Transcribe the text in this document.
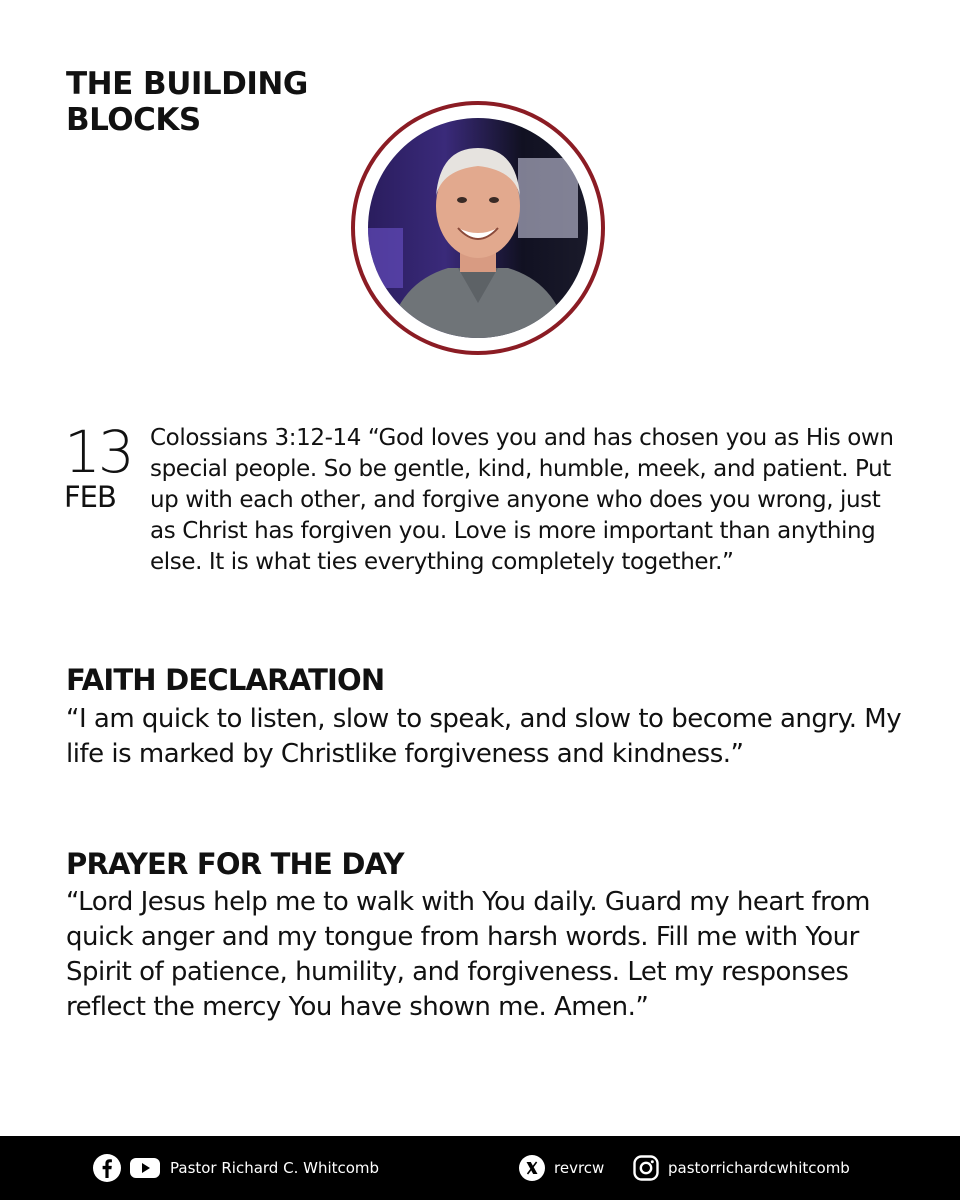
THE BUILDING BLOCKS
13
FEB

Colossians 3:12-14 “God loves you and has chosen you as His own special people. So be gentle, kind, humble, meek, and patient. Put up with each other, and forgive anyone who does you wrong, just as Christ has forgiven you. Love is more important than anything else. It is what ties everything completely together.”

FAITH DECLARATION

“I am quick to listen, slow to speak, and slow to become angry. My life is marked by Christlike forgiveness and kindness.”

PRAYER FOR THE DAY

“Lord Jesus help me to walk with You daily. Guard my heart from quick anger and my tongue from harsh words. Fill me with Your Spirit of patience, humility, and forgiveness. Let my responses reflect the mercy You have shown me. Amen.”

Pastor Richard C. Whitcomb	revrcw	pastorrichardcwhitcomb
